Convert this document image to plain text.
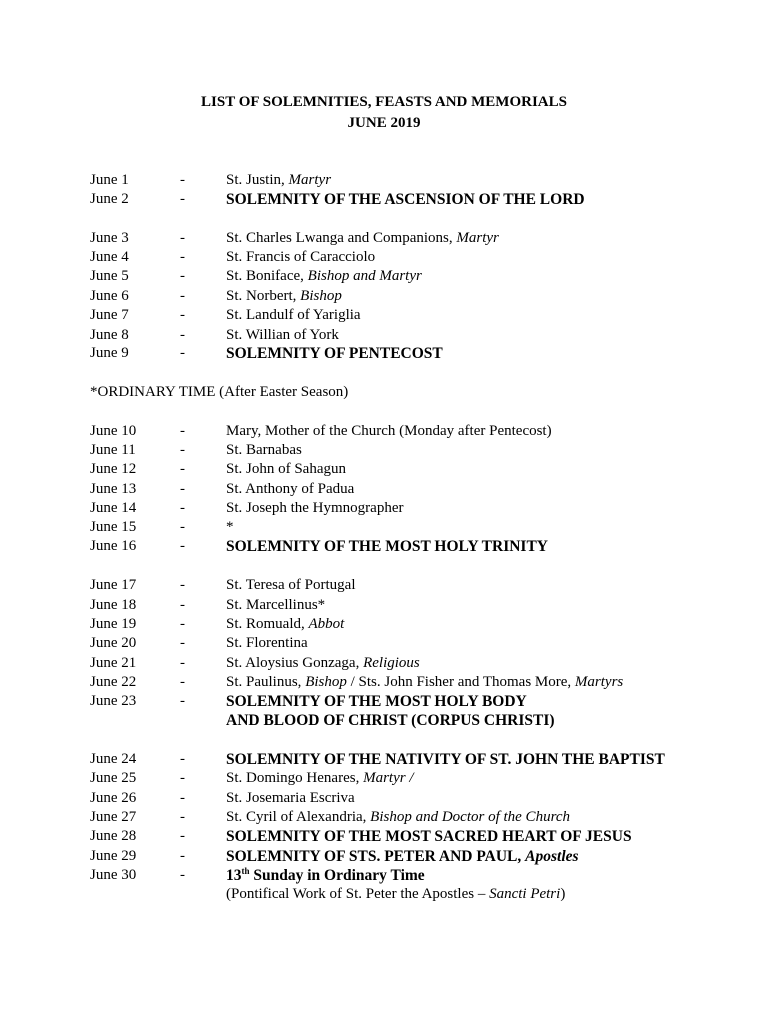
LIST OF SOLEMNITIES, FEASTS AND MEMORIALS
JUNE 2019
*ORDINARY TIME (After Easter Season)
June 1	-	St. Justin, Martyr
June 2	-	SOLEMNITY OF THE ASCENSION OF THE LORD
June 3	-	St. Charles Lwanga and Companions, Martyr
June 4	-	St. Francis of Caracciolo
June 5	-	St. Boniface, Bishop and Martyr
June 6	-	St. Norbert, Bishop
June 7	-	St. Landulf of Yariglia
June 8	-	St. Willian of York
June 9	-	SOLEMNITY OF PENTECOST
June 10	-	Mary, Mother of the Church (Monday after Pentecost)
June 11	-	St. Barnabas
June 12	-	St. John of Sahagun
June 13	-	St. Anthony of Padua
June 14	-	St. Joseph the Hymnographer
June 15	-	*
June 16	-	SOLEMNITY OF THE MOST HOLY TRINITY
June 17	-	St. Teresa of Portugal
June 18	-	St. Marcellinus*
June 19	-	St. Romuald, Abbot
June 20	-	St. Florentina
June 21	-	St. Aloysius Gonzaga, Religious
June 22	-	St. Paulinus, Bishop / Sts. John Fisher and Thomas More, Martyrs
June 23	-	SOLEMNITY OF THE MOST HOLY BODY
AND BLOOD OF CHRIST (CORPUS CHRISTI)
June 24	-	SOLEMNITY OF THE NATIVITY OF ST. JOHN THE BAPTIST
June 25	-	St. Domingo Henares, Martyr /
June 26	-	St. Josemaria Escriva
June 27	-	St. Cyril of Alexandria, Bishop and Doctor of the Church
June 28	-	SOLEMNITY OF THE MOST SACRED HEART OF JESUS
June 29	-	SOLEMNITY OF STS. PETER AND PAUL, Apostles
June 30	-	13th Sunday in Ordinary Time
(Pontifical Work of St. Peter the Apostles – Sancti Petri)
